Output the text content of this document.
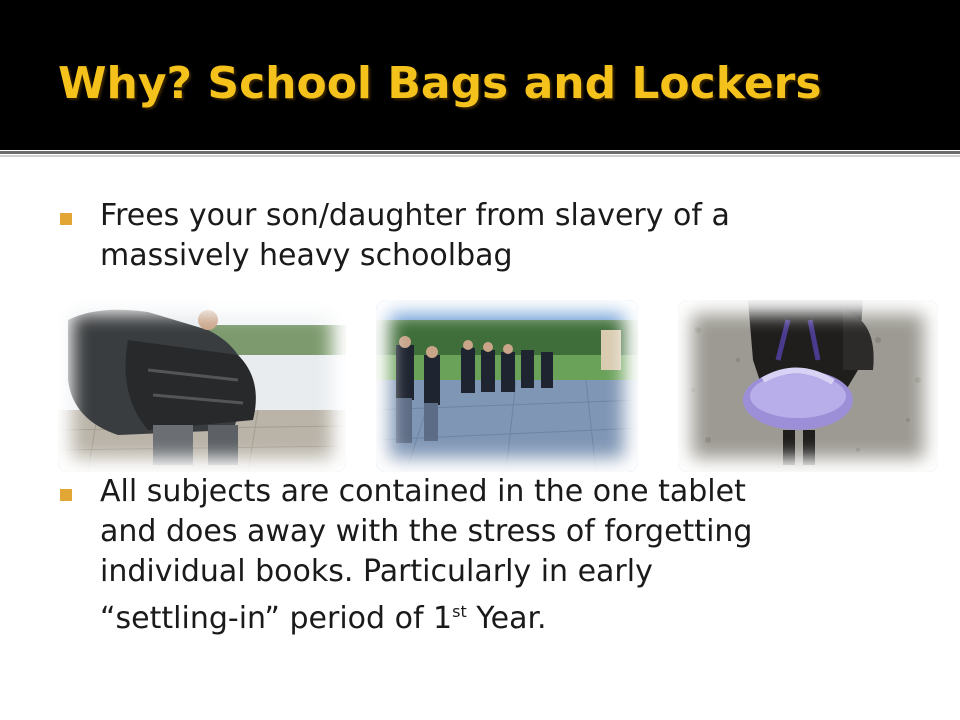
Why? School Bags and Lockers
Frees your son/daughter from slavery of a
massively heavy schoolbag
All subjects are contained in the one tablet
and does away with the stress of forgetting
individual books. Particularly in early
“settling-in” period of 1st Year.
